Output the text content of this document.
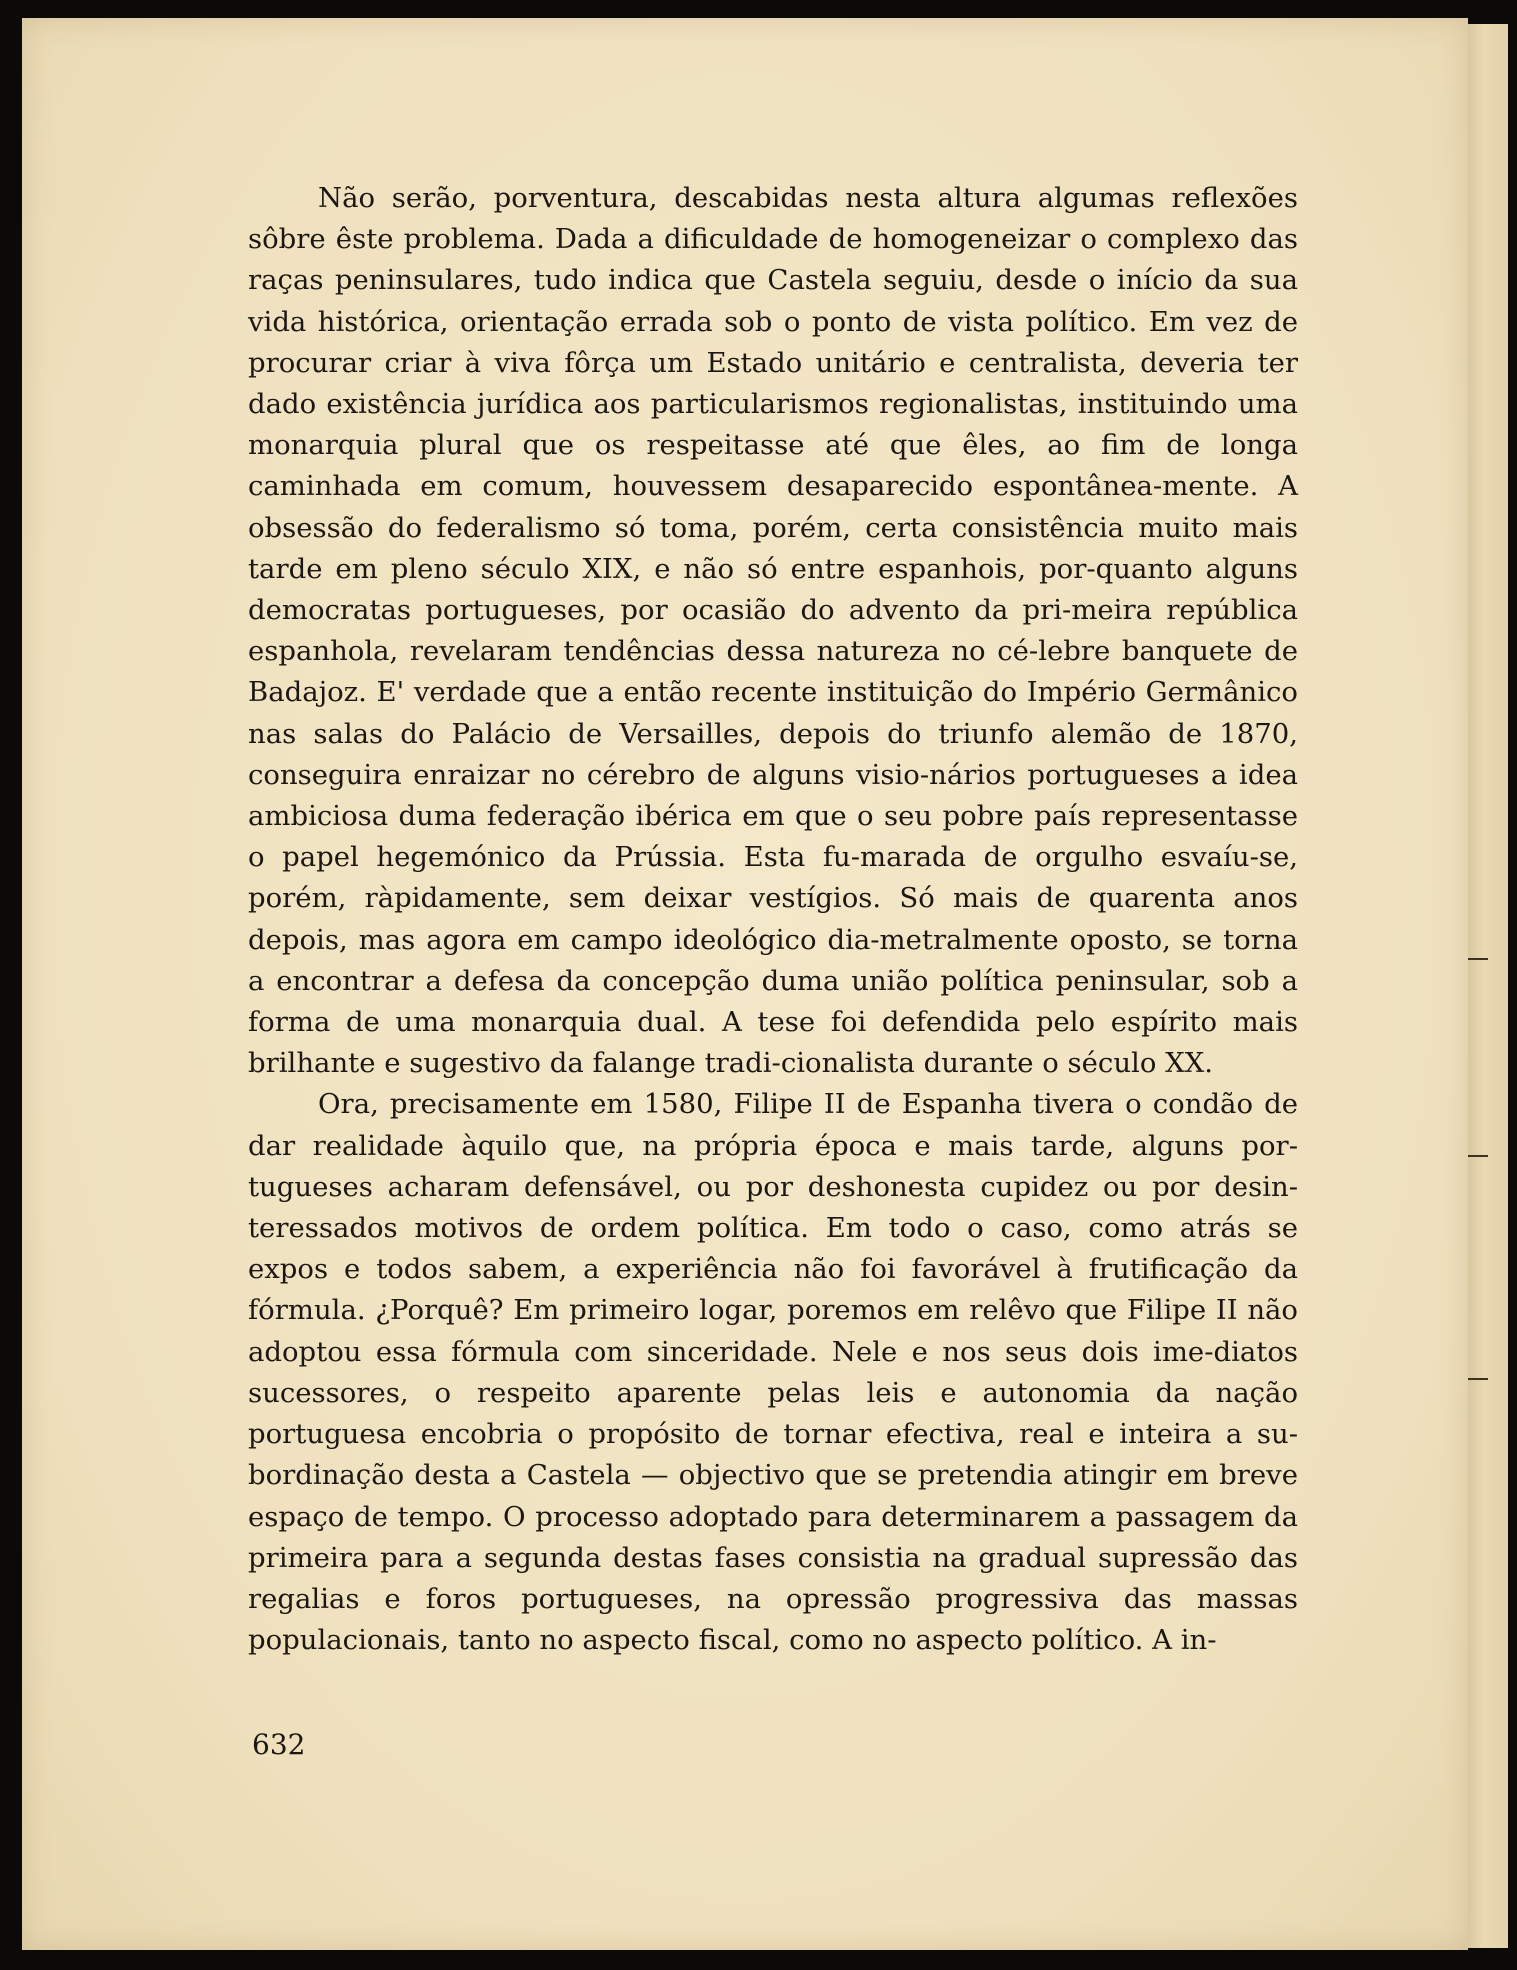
Não serão, porventura, descabidas nesta altura algumas reflexões sôbre êste problema. Dada a dificuldade de homogeneizar o complexo das raças peninsulares, tudo indica que Castela seguiu, desde o início da sua vida histórica, orientação errada sob o ponto de vista político. Em vez de procurar criar à viva fôrça um Estado unitário e centralista, deveria ter dado existência jurídica aos particularismos regionalistas, instituindo uma monarquia plural que os respeitasse até que êles, ao fim de longa caminhada em comum, houvessem desaparecido espontânea-mente. A obsessão do federalismo só toma, porém, certa consistência muito mais tarde em pleno século XIX, e não só entre espanhois, por-quanto alguns democratas portugueses, por ocasião do advento da pri-meira república espanhola, revelaram tendências dessa natureza no cé-lebre banquete de Badajoz. E' verdade que a então recente instituição do Império Germânico nas salas do Palácio de Versailles, depois do triunfo alemão de 1870, conseguira enraizar no cérebro de alguns visio-nários portugueses a idea ambiciosa duma federação ibérica em que o seu pobre país representasse o papel hegemónico da Prússia. Esta fu-marada de orgulho esvaíu-se, porém, ràpidamente, sem deixar vestígios. Só mais de quarenta anos depois, mas agora em campo ideológico dia-metralmente oposto, se torna a encontrar a defesa da concepção duma união política peninsular, sob a forma de uma monarquia dual. A tese foi defendida pelo espírito mais brilhante e sugestivo da falange tradi-cionalista durante o século XX.

Ora, precisamente em 1580, Filipe II de Espanha tivera o condão de dar realidade àquilo que, na própria época e mais tarde, alguns por-tugueses acharam defensável, ou por deshonesta cupidez ou por desin-teressados motivos de ordem política. Em todo o caso, como atrás se expos e todos sabem, a experiência não foi favorável à frutificação da fórmula. ¿Porquê? Em primeiro logar, poremos em relêvo que Filipe II não adoptou essa fórmula com sinceridade. Nele e nos seus dois ime-diatos sucessores, o respeito aparente pelas leis e autonomia da nação portuguesa encobria o propósito de tornar efectiva, real e inteira a su-bordinação desta a Castela — objectivo que se pretendia atingir em breve espaço de tempo. O processo adoptado para determinarem a passagem da primeira para a segunda destas fases consistia na gradual supressão das regalias e foros portugueses, na opressão progressiva das massas populacionais, tanto no aspecto fiscal, como no aspecto político. A in-

632
